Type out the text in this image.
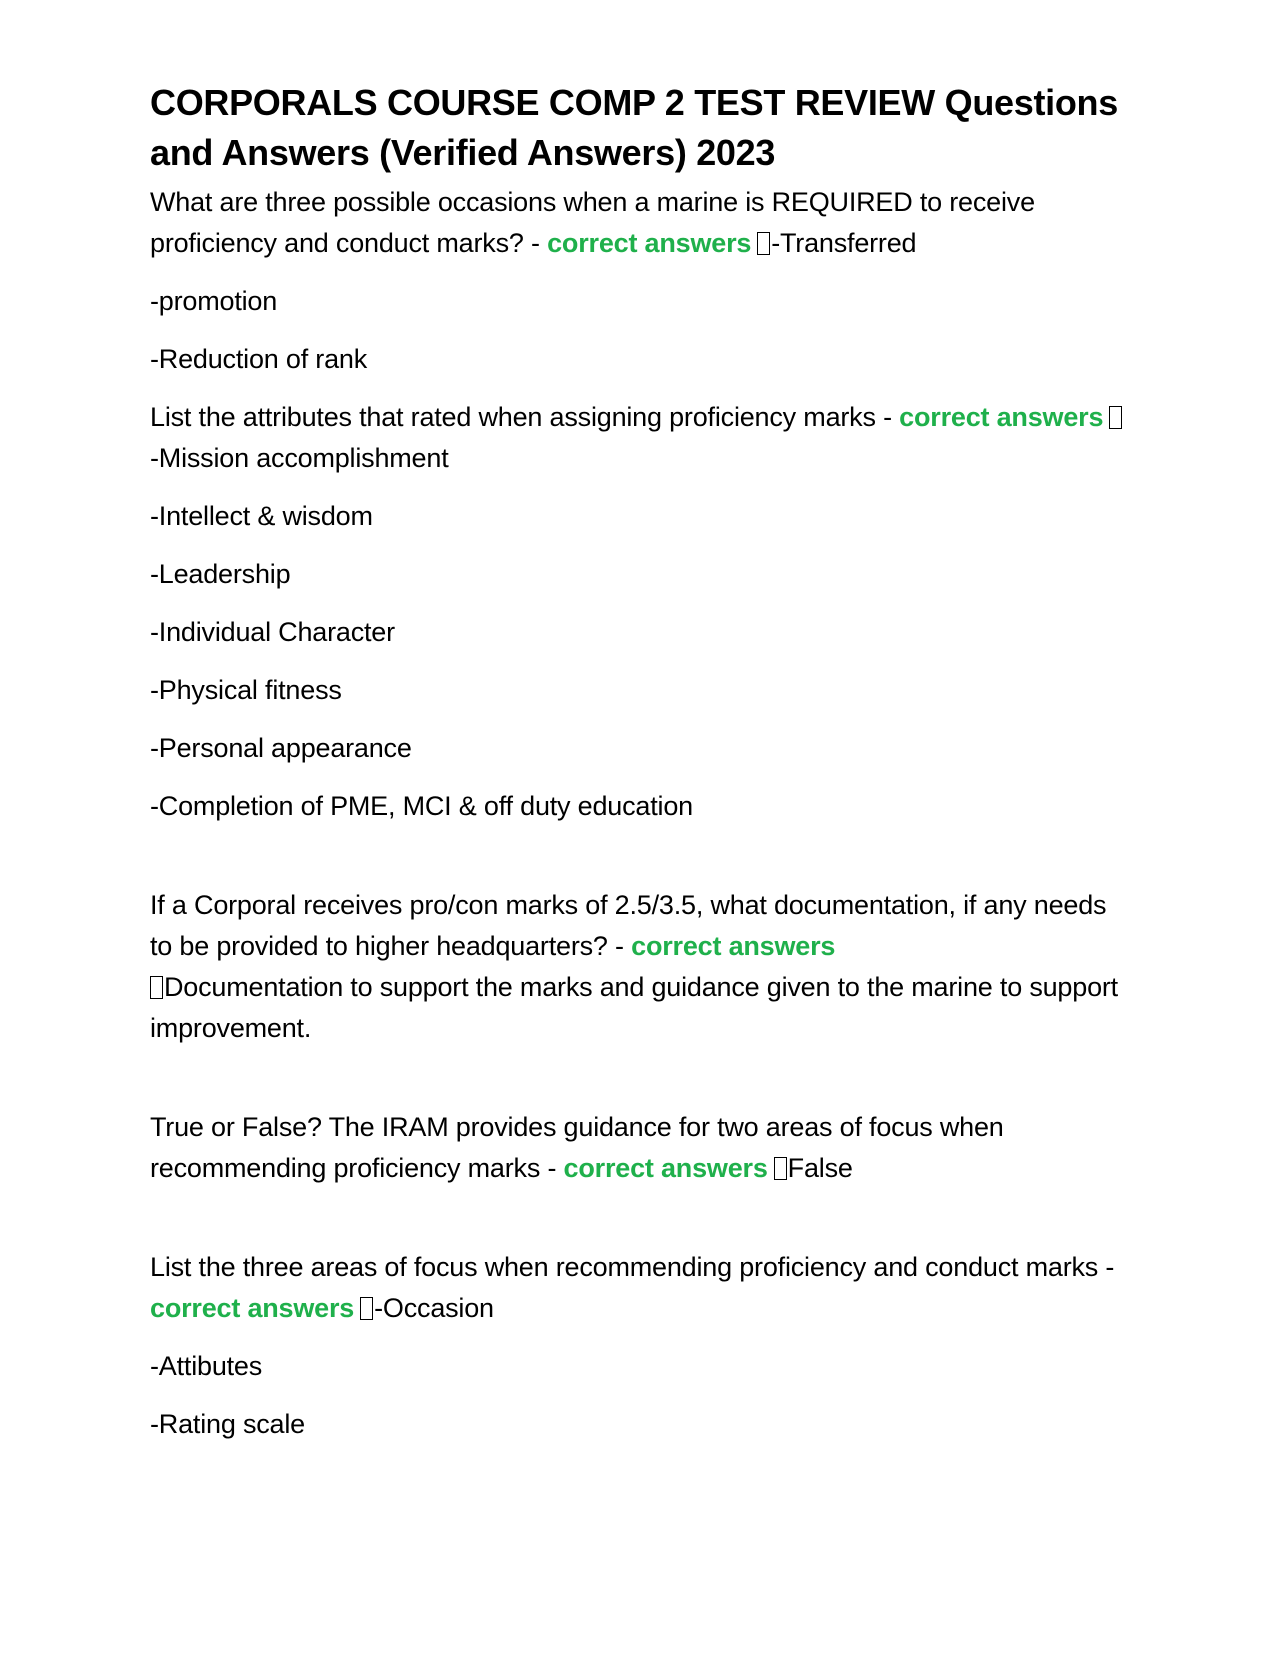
CORPORALS COURSE COMP 2 TEST REVIEW Questions and Answers (Verified Answers) 2023

What are three possible occasions when a marine is REQUIRED to receive proficiency and conduct marks? - correct answers -Transferred

-promotion

-Reduction of rank

List the attributes that rated when assigning proficiency marks - correct answers-Mission accomplishment

-Intellect & wisdom

-Leadership

-Individual Character

-Physical fitness

-Personal appearance

-Completion of PME, MCI & off duty education

If a Corporal receives pro/con marks of 2.5/3.5, what documentation, if any needs to be provided to higher headquarters? - correct answers
Documentation to support the marks and guidance given to the marine to support improvement.

True or False? The IRAM provides guidance for two areas of focus when recommending proficiency marks - correct answers False

List the three areas of focus when recommending proficiency and conduct marks - correct answers -Occasion

-Attibutes

-Rating scale
